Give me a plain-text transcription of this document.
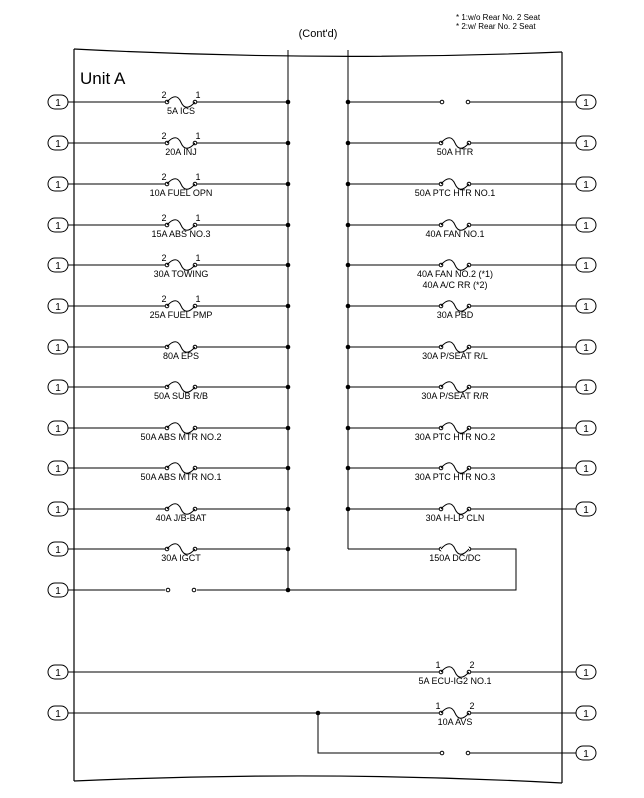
1
5A ICS
2	1
1
20A INJ
2	1
1
10A FUEL OPN
2	1
1
15A ABS NO.3
2	1
1
30A TOWING
2	1
1
25A FUEL PMP
2	1
1
80A EPS
1
50A SUB R/B
1
50A ABS MTR NO.2
1
50A ABS MTR NO.1
1
40A J/B-BAT
1
30A IGCT
1
1
1
50A HTR
1
50A PTC HTR NO.1
1
40A FAN NO.1
1
40A FAN NO.2 (*1)
40A A/C RR (*2)
1
30A PBD
1
30A P/SEAT R/L
1
30A P/SEAT R/R
1
30A PTC HTR NO.2
1
30A PTC HTR NO.3
1
30A H-LP CLN
150A DC/DC
1	1
5A ECU-IG2 NO.1
1	2
1	1
10A AVS
1	2
1
(Cont'd)
* 1:w/o Rear No. 2 Seat
* 2:w/ Rear No. 2 Seat
Unit A
